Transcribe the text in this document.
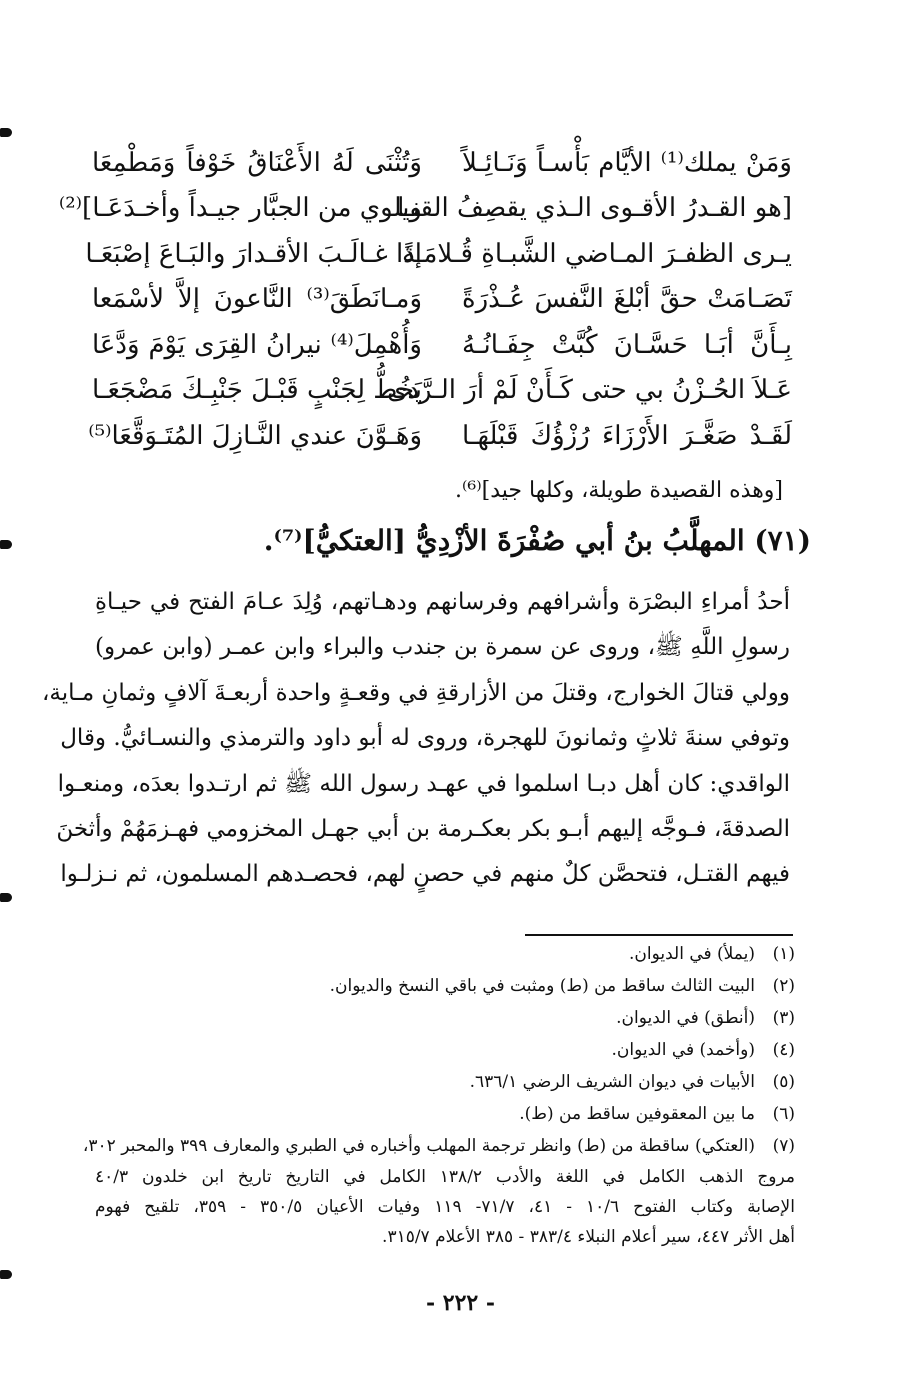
وَمَنْ يملك⁽¹⁾ الأيَّام بَأْسـاً وَنَـائِـلاً
وَتُثْنَى لَهُ الأَعْنَاقُ خَوْفاً وَمَطْمِعَا
[هو القـدرُ الأقـوى الـذي يقصِفُ القنـا
ويلوي من الجبَّار جيـداً وأخـدَعَـا]⁽²⁾
يـرى الظفـرَ المـاضي الشَّبـاةِ قُـلامَـةً
إذا غـالَـبَ الأقـدارَ والبَـاعَ إصْبَعَـا
تَصَـامَتْ حقَّ أبْلغَ النَّفسَ عُـذْرَةً
وَمـانَطَقَ⁽³⁾ النَّاعونَ إلاَّ لأسْمَعا
بِـأَنَّ أبَـا حَسَّـانَ كُبَّتْ جِفَـانُـهُ
وَأُهْمِلَ⁽⁴⁾ نيرانُ القِرَى يَوْمَ وَدَّعَا
عَـلاَ الحُـزْنُ بي حتى كَـأَنْ لَمْ أرَ الـرَّدى
يَخُطُّ لِجَنْبٍ قَبْـلَ جَنْبِـكَ مَضْجَعَـا
لَقَـدْ صَغَّـرَ الأَرْزَاءَ رُزْؤُكَ قَبْلَهَـا
وَهَـوَّنَ عندي النَّـازِلَ المُتَـوَقَّعَا⁽⁵⁾
[وهذه القصيدة طويلة، وكلها جيد]⁽⁶⁾.
(٧١) المهلَّبُ بنُ أبي صُفْرَةَ الأزْدِيُّ [العتكيُّ]⁽⁷⁾.
أحدُ أمراءِ البصْرَة وأشرافهم وفرسانهم ودهـاتهم، وُلِدَ عـامَ الفتح في حيـاةِ
رسولِ اللَّهِ ﷺ، وروى عن سمرة بن جندب والبراء وابن عمـر (وابن عمرو)
وولي قتالَ الخوارج، وقتلَ من الأزارقةِ في وقعـةٍ واحدة أربعـةَ آلافٍ وثمانِ مـاية،
وتوفي سنةَ ثلاثٍ وثمانونَ للهجرة، وروى له أبو داود والترمذي والنسـائيُّ. وقال
الواقدي: كان أهل دبـا اسلموا في عهـد رسول الله ﷺ ثم ارتـدوا بعدَه، ومنعـوا
الصدقةَ، فـوجَّه إليهم أبـو بكر بعكـرمة بن أبي جهـل المخزومي فهـزمَهُمْ وأثخنَ
فيهم القتـل، فتحصَّن كلٌ منهم في حصنٍ لهم، فحصـدهم المسلمون، ثم نـزلـوا
(١)
(يملأ) في الديوان.
(٢)
البيت الثالث ساقط من (ط) ومثبت في باقي النسخ والديوان.
(٣)
(أنطق) في الديوان.
(٤)
(وأخمد) في الديوان.
(٥)
الأبيات في ديوان الشريف الرضي ٦٣٦/١.
(٦)
ما بين المعقوفين ساقط من (ط).
(٧)
(العتكي) ساقطة من (ط) وانظر ترجمة المهلب وأخباره في الطبري والمعارف ٣٩٩ والمحبر ٣٠٢،
مروج الذهب الكامل في اللغة والأدب ١٣٨/٢ الكامل في التاريخ تاريخ ابن خلدون ٤٠/٣
الإصابة وكتاب الفتوح ١٠/٦ - ٤١، ٧١/٧- ١١٩ وفيات الأعيان ٣٥٠/٥ - ٣٥٩، تلقيح فهوم
أهل الأثر ٤٤٧، سير أعلام النبلاء ٣٨٣/٤ - ٣٨٥ الأعلام ٣١٥/٧.
- ٢٢٢ -
